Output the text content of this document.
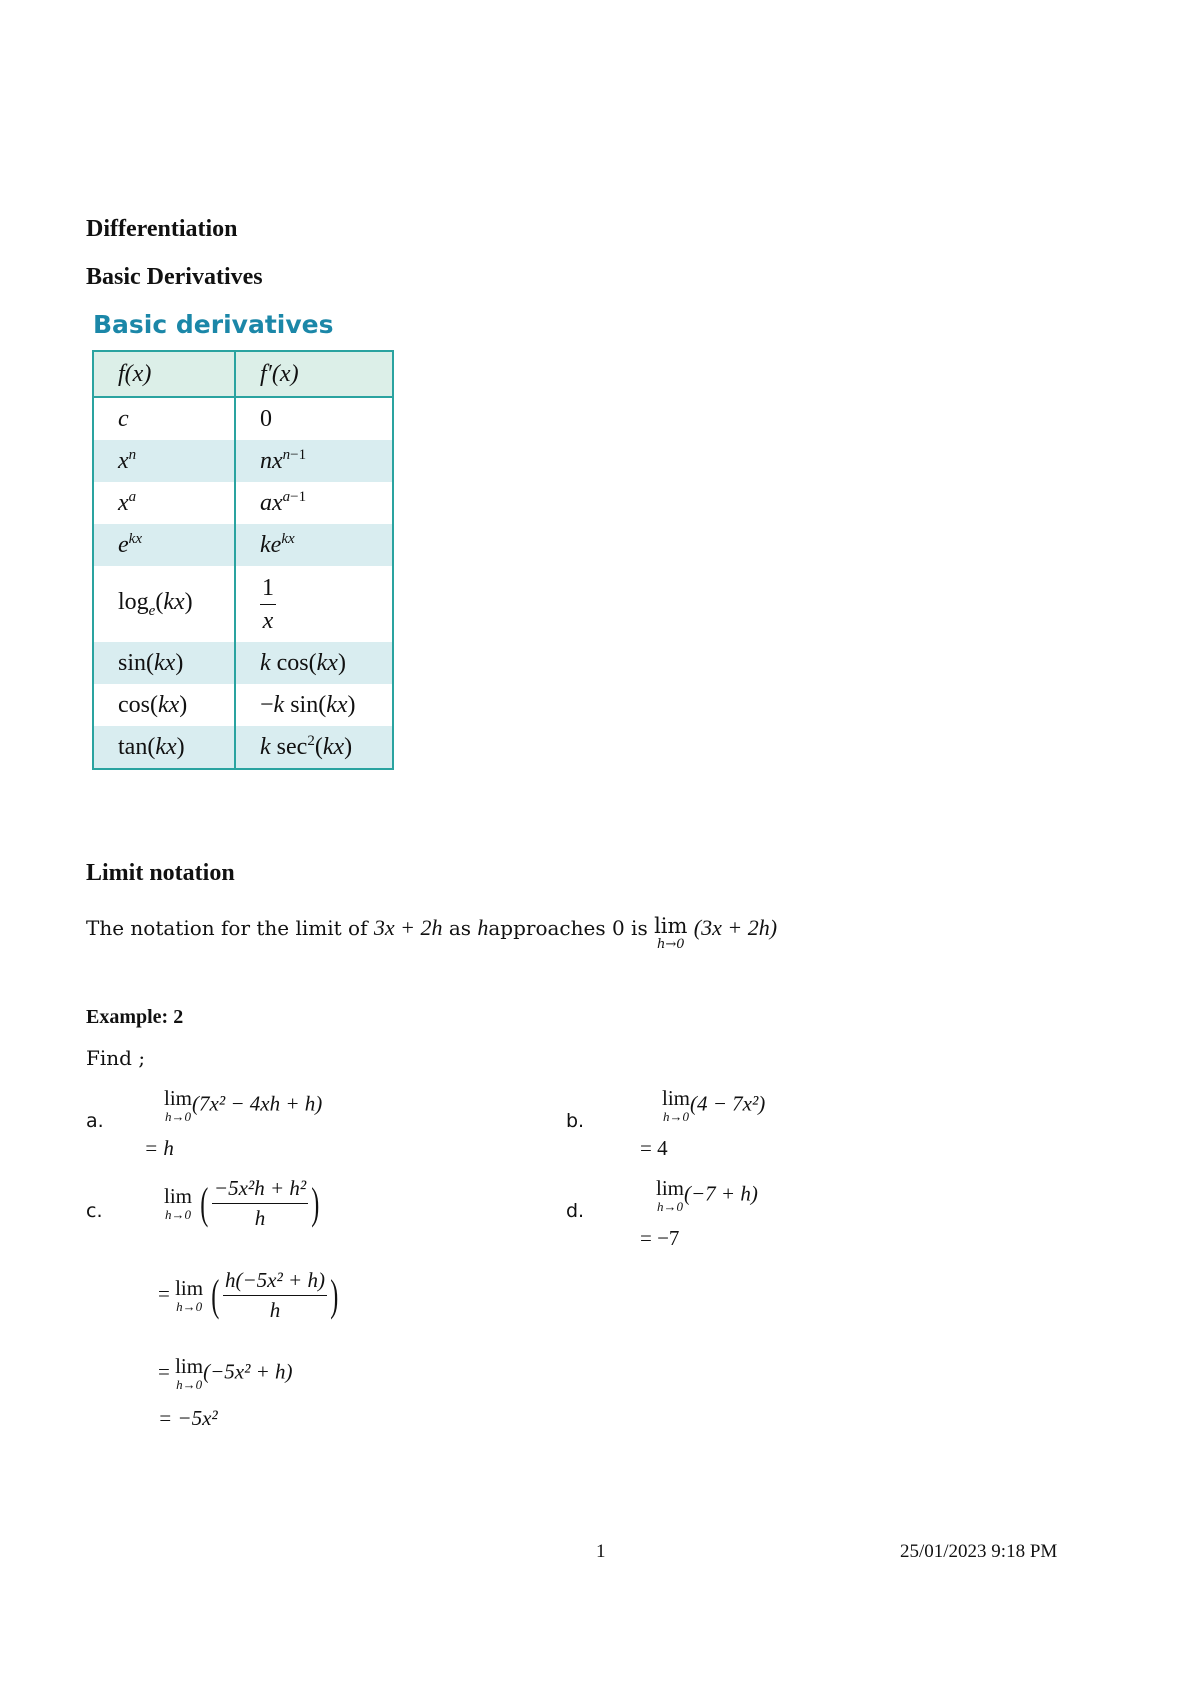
Differentiation
Basic Derivatives
Basic derivatives
f(x)	f′(x)
c	0
$x^n$	$nx^{n-1}$
$x^a$	$ax^{a-1}$
$e^{kx}$	$ke^{kx}$
$\log_e(kx)$	$\frac{1}{x}$

sin(kx)	k cos(kx)
cos(kx)	−k sin(kx)
tan(kx)	k $\sec^2(kx)$
Limit notation
The notation for the limit of 3x + 2h as happroaches 0 is lim
h→0
(3x + 2h)
Example: 2
Find ;
a.
lim
h→0
(7x² − 4xh + h)
= h
b.
lim
h→0
(4 − 7x²)
= 4
c.
lim
h→0 ( $\frac{\text{−5x²h + h²}}{h}$ )
= lim
h→0 ( $\frac{\text{h(−5x² + h)}}{h}$ )
= lim
h→0
(−5x² + h)
= −5x²
d.
lim
h→0
(−7 + h)
= −7
1	25/01/2023 9:18 PM
